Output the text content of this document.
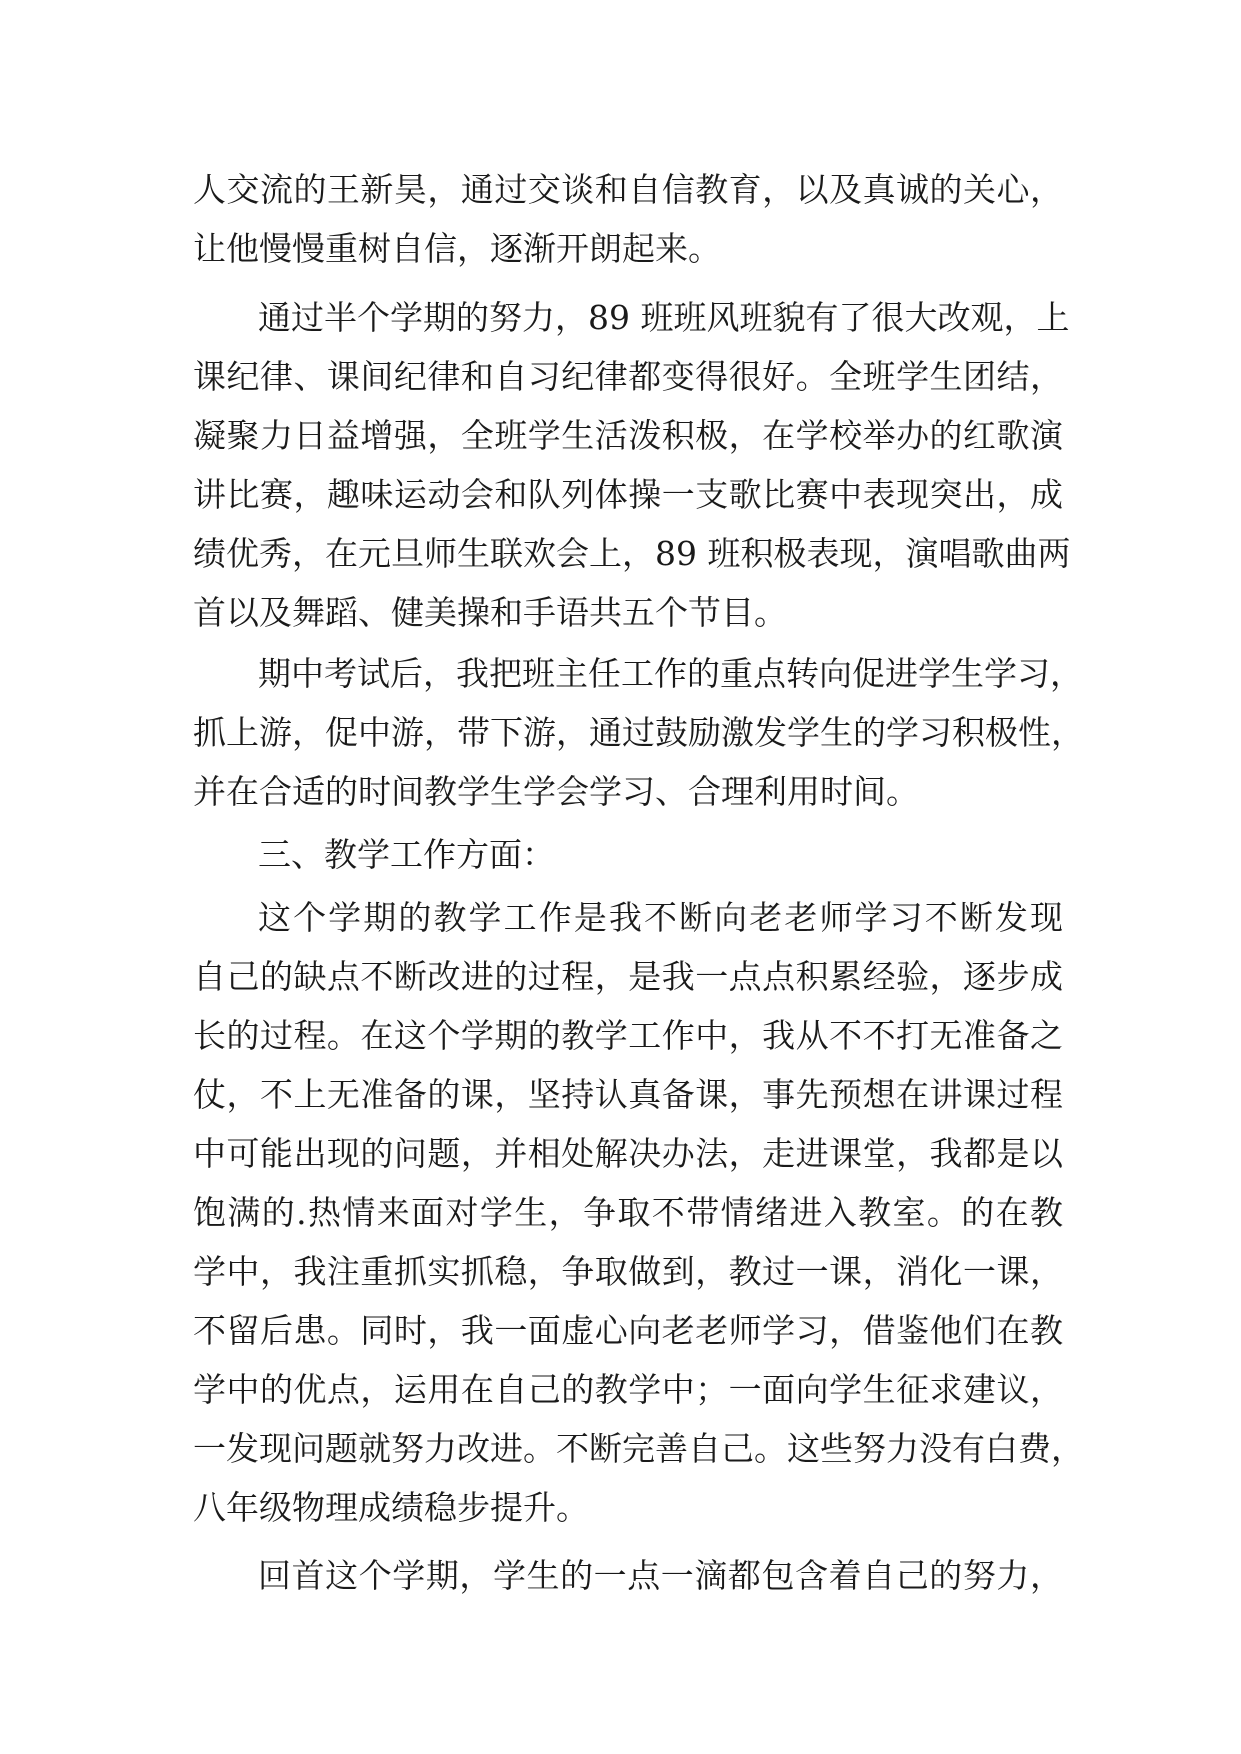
人交流的王新昊，通过交谈和自信教育，以及真诚的关心，
让他慢慢重树自信，逐渐开朗起来。
通过半个学期的努力，89 班班风班貌有了很大改观，上
课纪律、课间纪律和自习纪律都变得很好。全班学生团结，
凝聚力日益增强，全班学生活泼积极，在学校举办的红歌演
讲比赛，趣味运动会和队列体操一支歌比赛中表现突出，成
绩优秀，在元旦师生联欢会上，89 班积极表现，演唱歌曲两
首以及舞蹈、健美操和手语共五个节目。
期中考试后，我把班主任工作的重点转向促进学生学习，
抓上游，促中游，带下游，通过鼓励激发学生的学习积极性，
并在合适的时间教学生学会学习、合理利用时间。
三、教学工作方面：
这个学期的教学工作是我不断向老老师学习不断发现
自己的缺点不断改进的过程，是我一点点积累经验，逐步成
长的过程。在这个学期的教学工作中，我从不不打无准备之
仗，不上无准备的课，坚持认真备课，事先预想在讲课过程
中可能出现的问题，并相处解决办法，走进课堂，我都是以
饱满的.热情来面对学生，争取不带情绪进入教室。的在教
学中，我注重抓实抓稳，争取做到，教过一课，消化一课，
不留后患。同时，我一面虚心向老老师学习，借鉴他们在教
学中的优点，运用在自己的教学中；一面向学生征求建议，
一发现问题就努力改进。不断完善自己。这些努力没有白费，
八年级物理成绩稳步提升。
回首这个学期，学生的一点一滴都包含着自己的努力，
